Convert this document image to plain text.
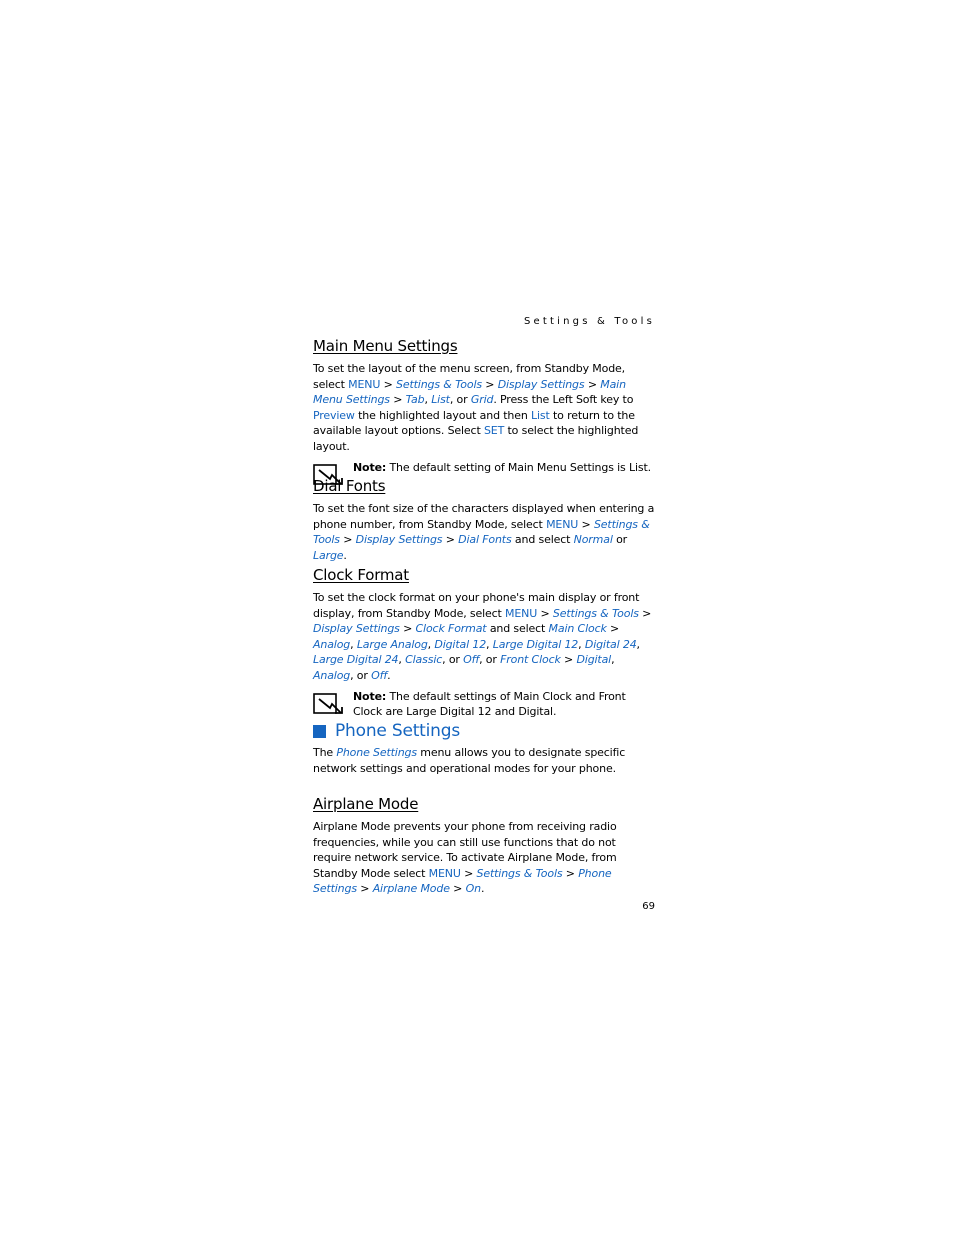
Settings & Tools
Main Menu Settings

To set the layout of the menu screen, from Standby Mode, select MENU > Settings & Tools > Display Settings > Main Menu Settings > Tab, List, or Grid. Press the Left Soft key to Preview the highlighted layout and then List to return to the available layout options. Select SET to select the highlighted layout.

Note: The default setting of Main Menu Settings is List.
Dial Fonts

To set the font size of the characters displayed when entering a phone number, from Standby Mode, select MENU > Settings & Tools > Display Settings > Dial Fonts and select Normal or Large.

Clock Format

To set the clock format on your phone's main display or front display, from Standby Mode, select MENU > Settings & Tools > Display Settings > Clock Format and select Main Clock > Analog, Large Analog, Digital 12, Large Digital 12, Digital 24, Large Digital 24, Classic, or Off, or Front Clock > Digital, Analog, or Off.

Note: The default settings of Main Clock and Front Clock are Large Digital 12 and Digital.
Phone Settings

The Phone Settings menu allows you to designate specific network settings and operational modes for your phone.

Airplane Mode

Airplane Mode prevents your phone from receiving radio frequencies, while you can still use functions that do not require network service. To activate Airplane Mode, from Standby Mode select MENU > Settings & Tools > Phone Settings > Airplane Mode > On.

69
